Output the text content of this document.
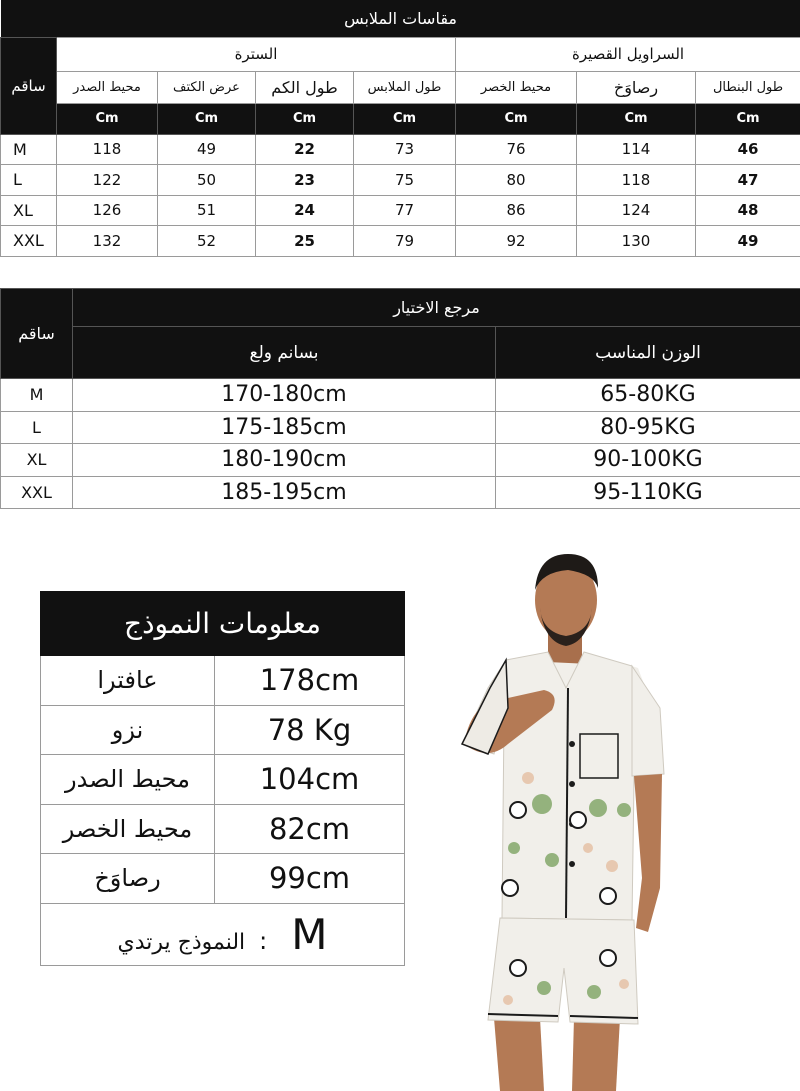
مقاسات الملابس							
ساقم	السترة				السراويل القصيرة		
	محيط الصدر	عرض الكتف	طول الكم	طول الملابس	محيط الخصر	رصاوَخ	طول البنطال
	Cm	Cm	Cm	Cm	Cm	Cm	Cm
M	118	49	22	73	76	114	46
L	122	50	23	75	80	118	47
XL	126	51	24	77	86	124	48
XXL	132	52	25	79	92	130	49
ساقم	مرجع الاختيار	
	بسانم ولع	الوزن المناسب
M	170-180cm	65-80KG
L	175-185cm	80-95KG
XL	180-190cm	90-100KG
XXL	185-195cm	95-110KG
معلومات النموذج	
عافترا	178cm
نزو	78 Kg
محيط الصدر	104cm
محيط الخصر	82cm
رصاوَخ	99cm
النموذج يرتدي : M	
